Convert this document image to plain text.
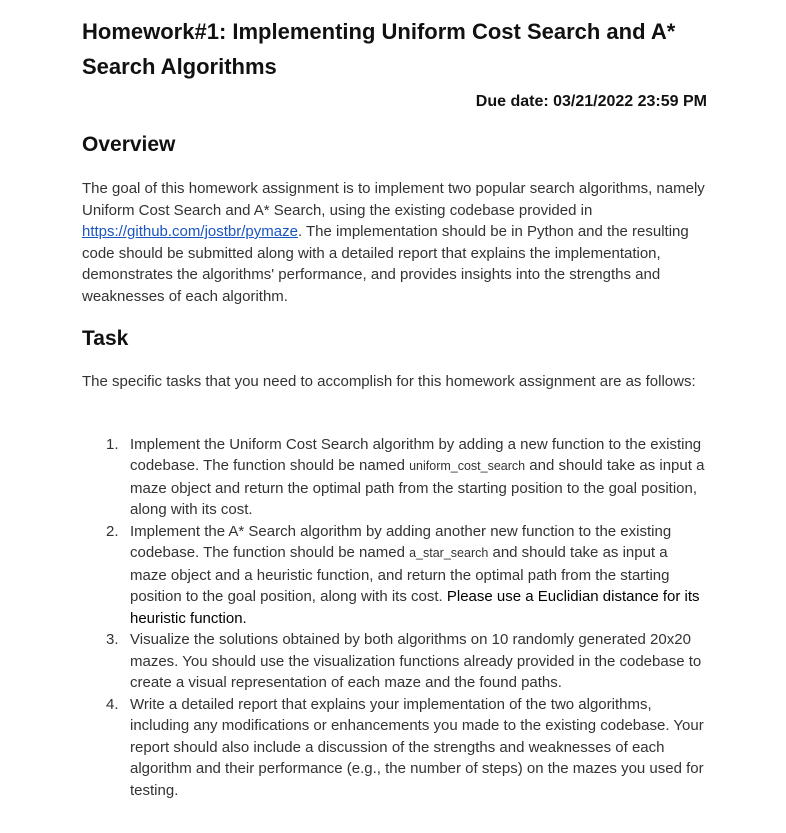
Homework#1: Implementing Uniform Cost Search and A* Search Algorithms
Due date: 03/21/2022 23:59 PM
Overview

The goal of this homework assignment is to implement two popular search algorithms, namely Uniform Cost Search and A* Search, using the existing codebase provided in https://github.com/jostbr/pymaze. The implementation should be in Python and the resulting code should be submitted along with a detailed report that explains the implementation, demonstrates the algorithms' performance, and provides insights into the strengths and weaknesses of each algorithm.

Task

The specific tasks that you need to accomplish for this homework assignment are as follows:

1. Implement the Uniform Cost Search algorithm by adding a new function to the existing codebase. The function should be named uniform_cost_search and should take as input a maze object and return the optimal path from the starting position to the goal position, along with its cost.
2. Implement the A* Search algorithm by adding another new function to the existing codebase. The function should be named a_star_search and should take as input a maze object and a heuristic function, and return the optimal path from the starting position to the goal position, along with its cost. Please use a Euclidian distance for its heuristic function.
3. Visualize the solutions obtained by both algorithms on 10 randomly generated 20x20 mazes. You should use the visualization functions already provided in the codebase to create a visual representation of each maze and the found paths.
4. Write a detailed report that explains your implementation of the two algorithms, including any modifications or enhancements you made to the existing codebase. Your report should also include a discussion of the strengths and weaknesses of each algorithm and their performance (e.g., the number of steps) on the mazes you used for testing.
